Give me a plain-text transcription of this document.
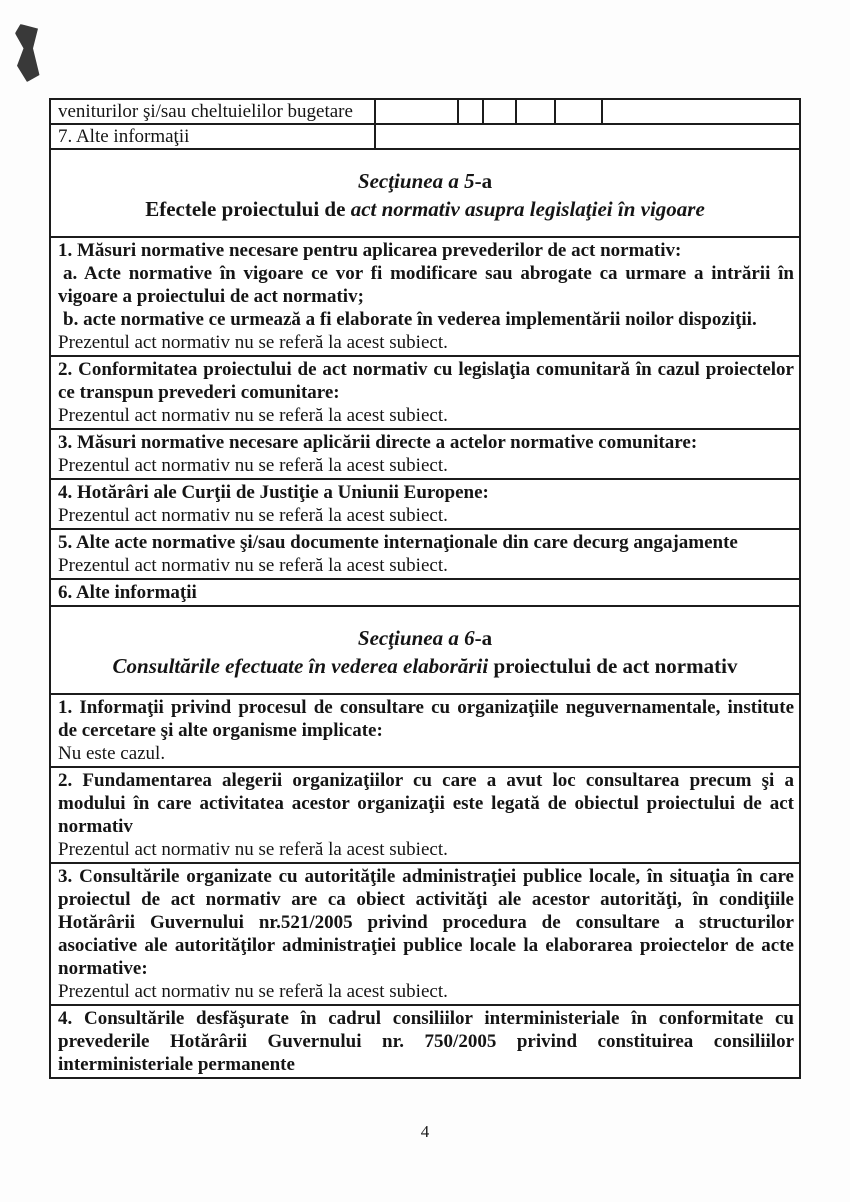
veniturilor şi/sau cheltuielilor bugetare
7. Alte informaţii

Secţiunea a 5-a

Efectele proiectului de act normativ asupra legislaţiei în vigoare

1. Măsuri normative necesare pentru aplicarea prevederilor de act normativ:

a. Acte normative în vigoare ce vor fi modificare sau abrogate ca urmare a intrării în vigoare a proiectului de act normativ;

b. acte normative ce urmează a fi elaborate în vederea implementării noilor dispoziţii.

Prezentul act normativ nu se referă la acest subiect.

2. Conformitatea proiectului de act normativ cu legislaţia comunitară în cazul proiectelor ce transpun prevederi comunitare:

Prezentul act normativ nu se referă la acest subiect.

3. Măsuri normative necesare aplicării directe a actelor normative comunitare:

Prezentul act normativ nu se referă la acest subiect.

4. Hotărâri ale Curţii de Justiţie a Uniunii Europene:

Prezentul act normativ nu se referă la acest subiect.

5. Alte acte normative şi/sau documente internaţionale din care decurg angajamente

Prezentul act normativ nu se referă la acest subiect.

6. Alte informaţii

Secţiunea a 6-a

Consultările efectuate în vederea elaborării proiectului de act normativ

1. Informaţii privind procesul de consultare cu organizaţiile neguvernamentale, institute de cercetare şi alte organisme implicate:

Nu este cazul.

2. Fundamentarea alegerii organizaţiilor cu care a avut loc consultarea precum şi a modului în care activitatea acestor organizaţii este legată de obiectul proiectului de act normativ

Prezentul act normativ nu se referă la acest subiect.

3. Consultările organizate cu autorităţile administraţiei publice locale, în situaţia în care proiectul de act normativ are ca obiect activităţi ale acestor autorităţi, în condiţiile Hotărârii Guvernului nr.521/2005 privind procedura de consultare a structurilor asociative ale autorităţilor administraţiei publice locale la elaborarea proiectelor de acte normative:

Prezentul act normativ nu se referă la acest subiect.

4. Consultările desfăşurate în cadrul consiliilor interministeriale în conformitate cu prevederile Hotărârii Guvernului nr. 750/2005 privind constituirea consiliilor interministeriale permanente

4
